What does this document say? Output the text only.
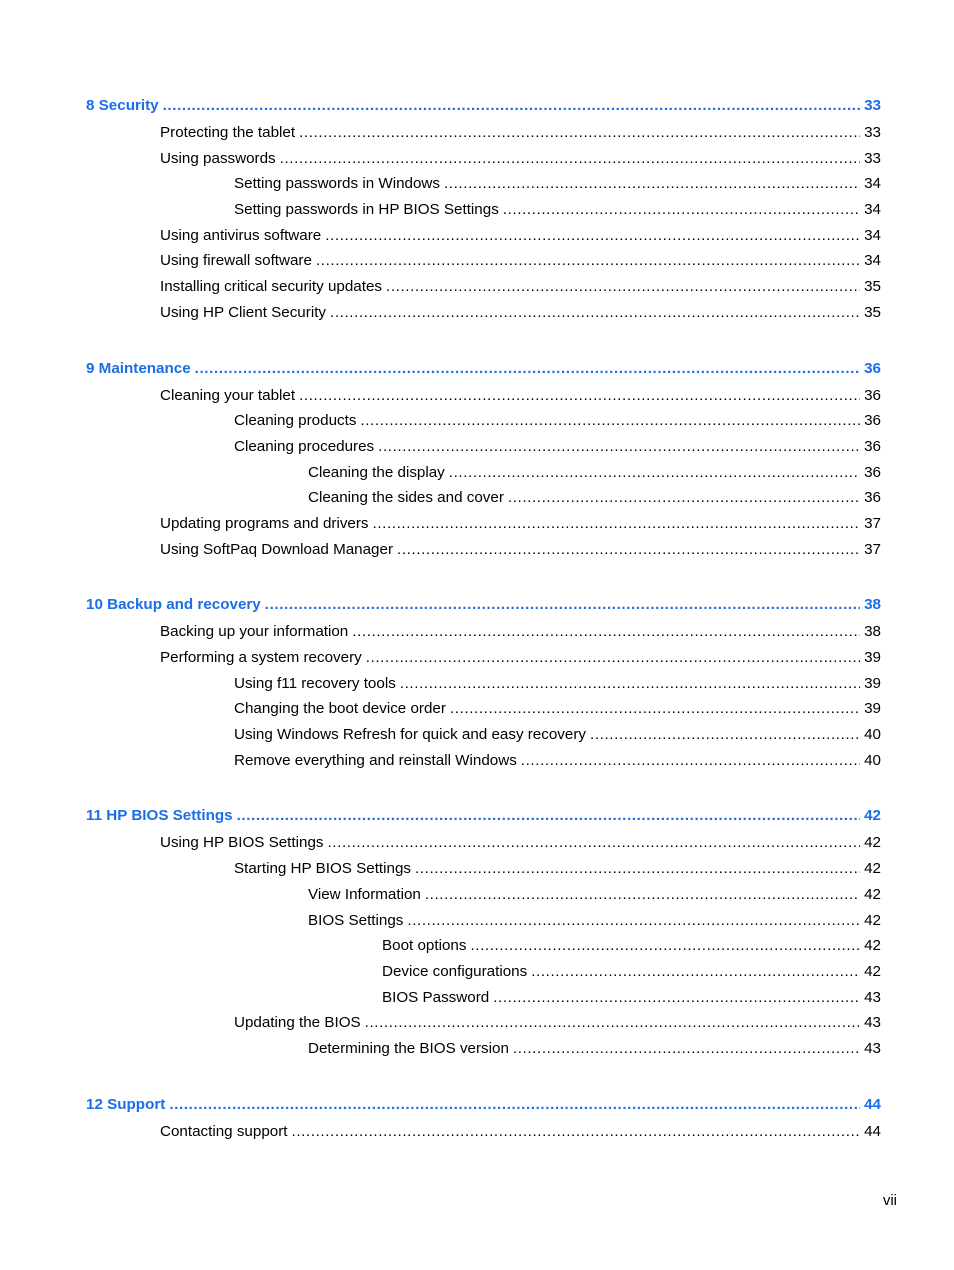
8 Security .....	33
Protecting the tablet .....	33
Using passwords .....	33
Setting passwords in Windows .....	34
Setting passwords in HP BIOS Settings .....	34
Using antivirus software .....	34
Using firewall software .....	34
Installing critical security updates .....	35
Using HP Client Security .....	35
9 Maintenance .....	36
Cleaning your tablet .....	36
Cleaning products .....	36
Cleaning procedures .....	36
Cleaning the display .....	36
Cleaning the sides and cover .....	36
Updating programs and drivers .....	37
Using SoftPaq Download Manager .....	37
10 Backup and recovery .....	38
Backing up your information .....	38
Performing a system recovery .....	39
Using f11 recovery tools .....	39
Changing the boot device order .....	39
Using Windows Refresh for quick and easy recovery .....	40
Remove everything and reinstall Windows .....	40
11 HP BIOS Settings .....	42
Using HP BIOS Settings .....	42
Starting HP BIOS Settings .....	42
View Information .....	42
BIOS Settings .....	42
Boot options .....	42
Device configurations .....	42
BIOS Password .....	43
Updating the BIOS .....	43
Determining the BIOS version .....	43
12 Support .....	44
Contacting support .....	44
vii
